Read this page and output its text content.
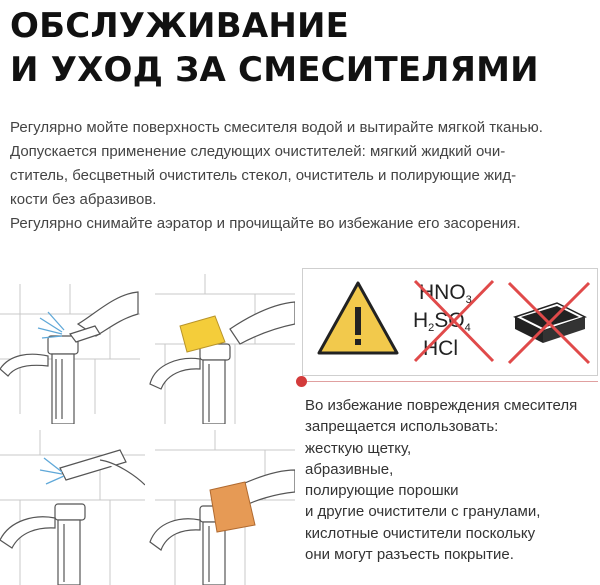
ОБСЛУЖИВАНИЕ
И УХОД ЗА СМЕСИТЕЛЯМИ
Регулярно мойте поверхность смесителя водой и вытирайте мягкой тканью.
Допускается применение следующих очистителей: мягкий жидкий очи-
ститель, бесцветный очиститель стекол, очиститель и полирующие жид-
кости без абразивов.
Регулярно снимайте аэратор и прочищайте во избежание его засорения.
HNO3
H2SO4
HCl
Во избежание повреждения смесителя
запрещается использовать:
жесткую щетку,
абразивные,
полирующие порошки
и другие очистители с гранулами,
кислотные очистители поскольку
они могут разъесть покрытие.
